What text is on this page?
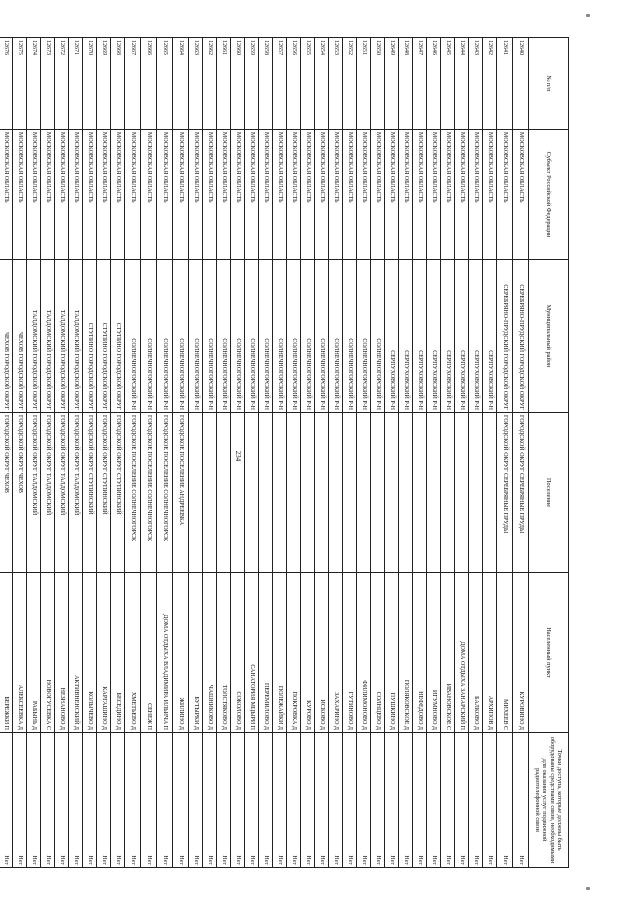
234
№ п/п	Субъект Российской Федерации	Муниципальный район	Поселение	Населенный пункт	Точки доступа, которые должны быть оборудованы средствами связи, необходимыми для оказания услуг подвижной радиотелефонной связи
12640	МОСКОВСКАЯ ОБЛАСТЬ	СЕРЕБРЯНО-ПРУДСКИЙ ГОРОДСКОЙ ОКРУГ	ГОРОДСКОЙ ОКРУГ СЕРЕБРЯНЫЕ ПРУДЫ	КУРОВИНО Д	Нет
12641	МОСКОВСКАЯ ОБЛАСТЬ	СЕРЕБРЯНО-ПРУДСКИЙ ГОРОДСКОЙ ОКРУГ	ГОРОДСКОЙ ОКРУГ СЕРЕБРЯНЫЕ ПРУДЫ	МИХЕЕВ С	Нет
12642	МОСКОВСКАЯ ОБЛАСТЬ	СЕРПУХОВСКИЙ Р-Н		АРХИПОВ Д	Нет
12643	МОСКОВСКАЯ ОБЛАСТЬ	СЕРПУХОВСКИЙ Р-Н		БАЛКОВО Д	Нет
12644	МОСКОВСКАЯ ОБЛАСТЬ	СЕРПУХОВСКИЙ Р-Н		ДОМА ОТДЫХА ЗАНАРСКИЙ П	Нет
12645	МОСКОВСКАЯ ОБЛАСТЬ	СЕРПУХОВСКИЙ Р-Н		ИВАНОВСКОЕ С	Нет
12646	МОСКОВСКАЯ ОБЛАСТЬ	СЕРПУХОВСКИЙ Р-Н		ИГУМНОВО Д	Нет
12647	МОСКОВСКАЯ ОБЛАСТЬ	СЕРПУХОВСКИЙ Р-Н		НЕФЕДОВО Д	Нет
12648	МОСКОВСКАЯ ОБЛАСТЬ	СЕРПУХОВСКИЙ Р-Н		ПОЛЯКОВСКОЕ Д	Нет
12649	МОСКОВСКАЯ ОБЛАСТЬ	СЕРПУХОВСКИЙ Р-Н		ПУШКИНО Д	Нет
12650	МОСКОВСКАЯ ОБЛАСТЬ	СОЛНЕЧНОГОРСКИЙ Р-Н		СОЛНЦЕВО Д	Нет
12651	МОСКОВСКАЯ ОБЛАСТЬ	СОЛНЕЧНОГОРСКИЙ Р-Н		ФИЛИМОНОВО Д	Нет
12652	МОСКОВСКАЯ ОБЛАСТЬ	СОЛНЕЧНОГОРСКИЙ Р-Н		ГУТИНОВО Д	Нет
12653	МОСКОВСКАЯ ОБЛАСТЬ	СОЛНЕЧНОГОРСКИЙ Р-Н		ЗАХАРИНО Д	Нет
12654	МОСКОВСКАЯ ОБЛАСТЬ	СОЛНЕЧНОГОРСКИЙ Р-Н		ИСКОВО Д	Нет
12655	МОСКОВСКАЯ ОБЛАСТЬ	СОЛНЕЧНОГОРСКИЙ Р-Н		КУРОВО Д	Нет
12656	МОСКОВСКАЯ ОБЛАСТЬ	СОЛНЕЧНОГОРСКИЙ Р-Н		ПОКРОВКА Д	Нет
12657	МОСКОВСКАЯ ОБЛАСТЬ	СОЛНЕЧНОГОРСКИЙ Р-Н		ПОЛЕЖАЙКИ Д	Нет
12658	МОСКОВСКАЯ ОБЛАСТЬ	СОЛНЕЧНОГОРСКИЙ Р-Н		ПЕРЕМИЛОВО Д	Нет
12659	МОСКОВСКАЯ ОБЛАСТЬ	СОЛНЕЧНОГОРСКИЙ Р-Н		САНАТОРИЯ МЦЫРИ П	Нет
12660	МОСКОВСКАЯ ОБЛАСТЬ	СОЛНЕЧНОГОРСКИЙ Р-Н		СОКОЛОВО Д	Нет
12661	МОСКОВСКАЯ ОБЛАСТЬ	СОЛНЕЧНОГОРСКИЙ Р-Н		ТОЛСТЯКОВО Д	Нет
12662	МОСКОВСКАЯ ОБЛАСТЬ	СОЛНЕЧНОГОРСКИЙ Р-Н		ЧАШНИКОВО Д	Нет
12663	МОСКОВСКАЯ ОБЛАСТЬ	СОЛНЕЧНОГОРСКИЙ Р-Н		БУТЫРКИ Д	Нет
12664	МОСКОВСКАЯ ОБЛАСТЬ	СОЛНЕЧНОГОРСКИЙ Р-Н	ГОРОДСКОЕ ПОСЕЛЕНИЕ АНДРЕЕВКА	ЖИЛИНО Д	Нет
12665	МОСКОВСКАЯ ОБЛАСТЬ	СОЛНЕЧНОГОРСКИЙ Р-Н	ГОРОДСКОЕ ПОСЕЛЕНИЕ СОЛНЕЧНОГОРСК	ДОМА ОТДЫХА ВЛАДИМИРА ИЛЬИЧА П	Нет
12666	МОСКОВСКАЯ ОБЛАСТЬ	СОЛНЕЧНОГОРСКИЙ Р-Н	ГОРОДСКОЕ ПОСЕЛЕНИЕ СОЛНЕЧНОГОРСК	СЕНЕЖ П	Нет
12667	МОСКОВСКАЯ ОБЛАСТЬ	СОЛНЕЧНОГОРСКИЙ Р-Н	ГОРОДСКОЕ ПОСЕЛЕНИЕ СОЛНЕЧНОГОРСК	ХМЕТЬЕВО Д	Нет
12668	МОСКОВСКАЯ ОБЛАСТЬ	СТУПИНО ГОРОДСКОЙ ОКРУГ	ГОРОДСКОЙ ОКРУГ СТУПИНСКИЙ	БЕСЕДИНО Д	Нет
12669	МОСКОВСКАЯ ОБЛАСТЬ	СТУПИНО ГОРОДСКОЙ ОКРУГ	ГОРОДСКОЙ ОКРУГ СТУПИНСКИЙ	КАРГАШИНО Д	Нет
12670	МОСКОВСКАЯ ОБЛАСТЬ	СТУПИНО ГОРОДСКОЙ ОКРУГ	ГОРОДСКОЙ ОКРУГ СТУПИНСКИЙ	КОЛЫЧЕВО Д	Нет
12671	МОСКОВСКАЯ ОБЛАСТЬ	ТАЛДОМСКИЙ ГОРОДСКОЙ ОКРУГ	ГОРОДСКОЙ ОКРУГ ТАЛДОМСКИЙ	АКТИВНЕНСКИЙ Д	Нет
12672	МОСКОВСКАЯ ОБЛАСТЬ	ТАЛДОМСКИЙ ГОРОДСКОЙ ОКРУГ	ГОРОДСКОЙ ОКРУГ ТАЛДОМСКИЙ	НЕЗНАНОВО Д	Нет
12673	МОСКОВСКАЯ ОБЛАСТЬ	ТАЛДОМСКИЙ ГОРОДСКОЙ ОКРУГ	ГОРОДСКОЙ ОКРУГ ТАЛДОМСКИЙ	НОВОГУСЕВКА С	Нет
12674	МОСКОВСКАЯ ОБЛАСТЬ	ТАЛДОМСКИЙ ГОРОДСКОЙ ОКРУГ	ГОРОДСКОЙ ОКРУГ ТАЛДОМСКИЙ	РАБЫНЬ Д	Нет
12675	МОСКОВСКАЯ ОБЛАСТЬ	ЧЕХОВ ГОРОДСКОЙ ОКРУГ	ГОРОДСКОЙ ОКРУГ ЧЕХОВ	АЛЕКСЕЕВКА Д	Нет
12676	МОСКОВСКАЯ ОБЛАСТЬ	ЧЕХОВ ГОРОДСКОЙ ОКРУГ	ГОРОДСКОЙ ОКРУГ ЧЕХОВ	БЕРЕЖКИ П	Нет
